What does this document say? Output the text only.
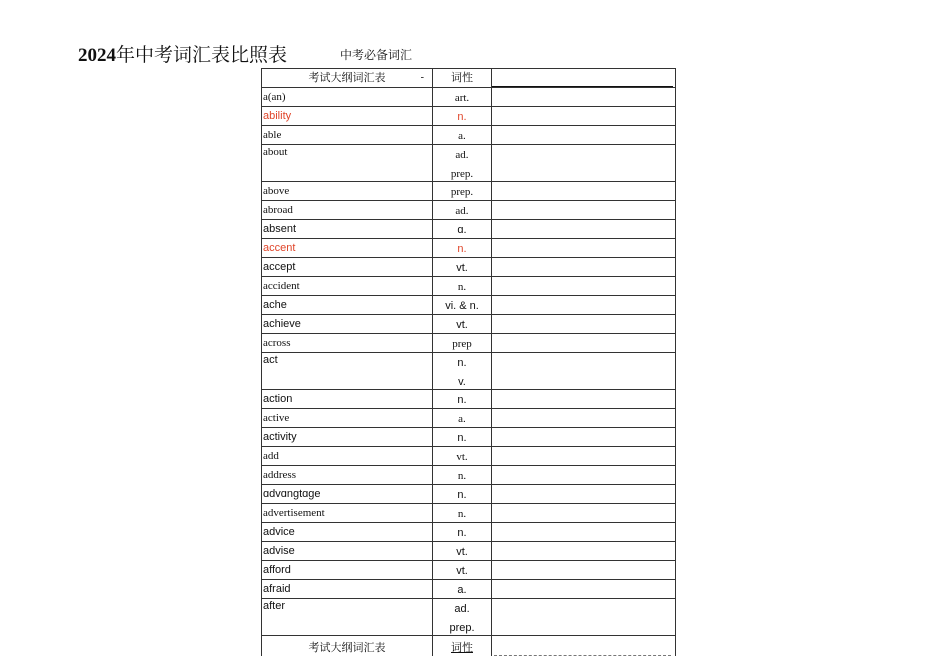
2024年中考词汇表比照表	中考必备词汇
考试大纲词汇表	-	词性
a(an)	art.
ability	n.
able	a.
about	ad.
prep.
above	prep.
abroad	ad.
absent	ɑ.
accent	n.
accept	vt.
accident	n.
ache	vi. & n.
achieve	vt.
across	prep
act	n.
v.
action	n.
active	a.
activity	n.
add	vt.
address	n.
ɑdvɑngtɑge	n.
advertisement	n.
advice	n.
advise	vt.
afford	vt.
afraid	a.
after	ad.
prep.
考试大纲词汇表	词性
